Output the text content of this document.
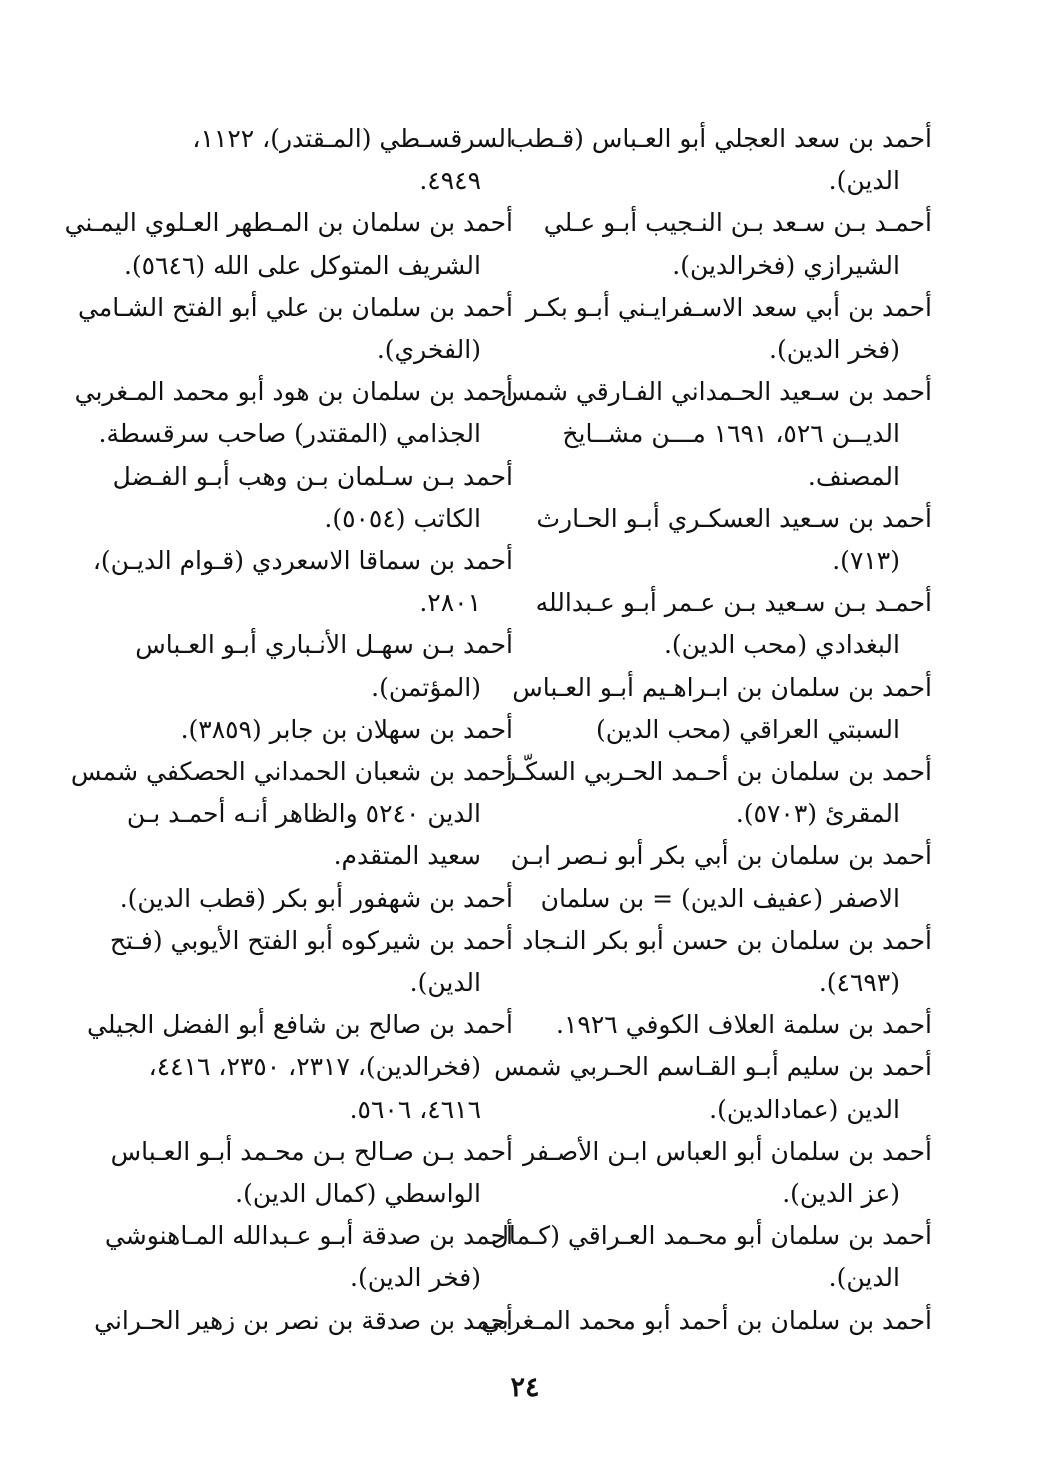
أحمد بن سعد العجلي أبو العـباس (قـطب
الدين).
أحمـد بـن سـعد بـن النـجيب أبـو عـلي
الشيرازي (فخرالدين).
أحمد بن أبي سعد الاسـفرايـني أبـو بكـر
(فخر الدين).
أحمد بن سـعيد الحـمداني الفـارقي شمس
الديــن ٥٢٦، ١٦٩١ مـــن مشــايخ
المصنف.
أحمد بن سـعيد العسكـري أبـو الحـارث
(٧١٣).
أحمـد بـن سـعيد بـن عـمر أبـو عـبدالله
البغدادي (محب الدين).
أحمد بن سلمان بن ابـراهـيم أبـو العـباس
السبتي العراقي (محب الدين)
أحمد بن سلمان بن أحـمد الحـربي السكّـر
المقرئ (٥٧٠٣).
أحمد بن سلمان بن أبي بكر أبو نـصر ابـن
الاصفر (عفيف الدين) = بن سلمان
أحمد بن سلمان بن حسن أبو بكر النـجاد
(٤٦٩٣).
أحمد بن سلمة العلاف الكوفي ١٩٢٦.
أحمد بن سليم أبـو القـاسم الحـربي شمس
الدين (عمادالدين).
أحمد بن سلمان أبو العباس ابـن الأصـفر
(عز الدين).
أحمد بن سلمان أبو محـمد العـراقي (كـمال
الدين).
أحمد بن سلمان بن أحمد أبو محمد المـغربي
السرقسـطي (المـقتدر)، ١١٢٢،
٤٩٤٩.
أحمد بن سلمان بن المـطهر العـلوي اليمـني
الشريف المتوكل على الله (٥٦٤٦).
أحمد بن سلمان بن علي أبو الفتح الشـامي
(الفخري).
أحمد بن سلمان بن هود أبو محمد المـغربي
الجذامي (المقتدر) صاحب سرقسطة.
أحمد بـن سـلمان بـن وهب أبـو الفـضل
الكاتب (٥٠٥٤).
أحمد بن سماقا الاسعردي (قـوام الديـن)،
٢٨٠١.
أحمد بـن سهـل الأنـباري أبـو العـباس
(المؤتمن).
أحمد بن سهلان بن جابر (٣٨٥٩).
أحمد بن شعبان الحمداني الحصكفي شمس
الدين ٥٢٤٠ والظاهر أنـه أحمـد بـن
سعيد المتقدم.
أحمد بن شهفور أبو بكر (قطب الدين).
أحمد بن شيركوه أبو الفتح الأيوبي (فـتح
الدين).
أحمد بن صالح بن شافع أبو الفضل الجيلي
(فخرالدين)، ٢٣١٧، ٢٣٥٠، ٤٤١٦،
٤٦١٦، ٥٦٠٦.
أحمد بـن صـالح بـن محـمد أبـو العـباس
الواسطي (كمال الدين).
أحمد بن صدقة أبـو عـبدالله المـاهنوشي
(فخر الدين).
أحمد بن صدقة بن نصر بن زهير الحـراني
٢٤
